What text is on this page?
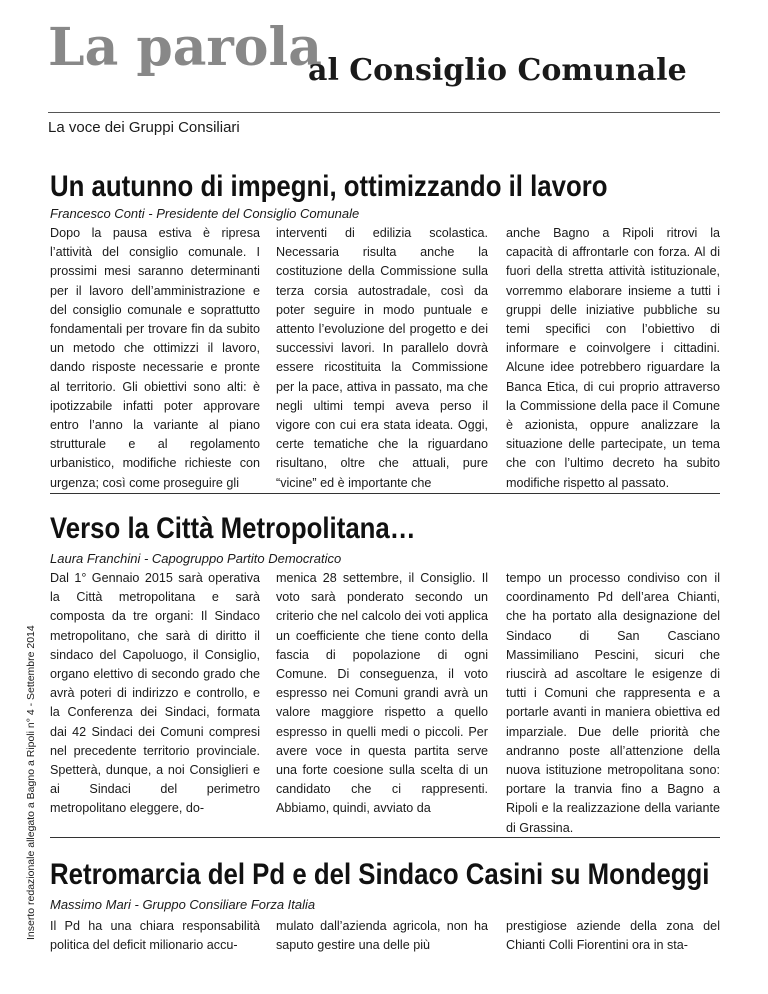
La parola
al Consiglio Comunale
La voce dei Gruppi Consiliari
Inserto redazionale allegato a Bagno a Ripoli n° 4 - Settembre 2014
Un autunno di impegni, ottimizzando il lavoro
Francesco Conti - Presidente del Consiglio Comunale
Dopo la pausa estiva è ripresa l’attività del consiglio comunale. I prossimi mesi saranno determinanti per il lavoro dell’amministrazione e del consiglio comunale e soprattutto fondamentali per trovare fin da subito un metodo che ottimizzi il lavoro, dando risposte necessarie e pronte al territorio. Gli obiettivi sono alti: è ipotizzabile infatti poter approvare entro l’anno la variante al piano strutturale e al regolamento urbanistico, modifiche richieste con urgenza; così come proseguire gli
interventi di edilizia scolastica. Necessaria risulta anche la costituzione della Commissione sulla terza corsia autostradale, così da poter seguire in modo puntuale e attento l’evoluzione del progetto e dei successivi lavori. In parallelo dovrà essere ricostituita la Commissione per la pace, attiva in passato, ma che negli ultimi tempi aveva perso il vigore con cui era stata ideata. Oggi, certe tematiche che la riguardano risultano, oltre che attuali, pure “vicine” ed è importante che
anche Bagno a Ripoli ritrovi la capacità di affrontarle con forza. Al di fuori della stretta attività istituzionale, vorremmo elaborare insieme a tutti i gruppi delle iniziative pubbliche su temi specifici con l’obiettivo di informare e coinvolgere i cittadini. Alcune idee potrebbero riguardare la Banca Etica, di cui proprio attraverso la Commissione della pace il Comune è azionista, oppure analizzare la situazione delle partecipate, un tema che con l’ultimo decreto ha subito modifiche rispetto al passato.
Verso la Città Metropolitana…
Laura Franchini - Capogruppo Partito Democratico
Dal 1° Gennaio 2015 sarà operativa la Città metropolitana e sarà composta da tre organi: Il Sindaco metropolitano, che sarà di diritto il sindaco del Capoluogo, il Consiglio, organo elettivo di secondo grado che avrà poteri di indirizzo e controllo, e la Conferenza dei Sindaci, formata dai 42 Sindaci dei Comuni compresi nel precedente territorio provinciale. Spetterà, dunque, a noi Consiglieri e ai Sindaci del perimetro metropolitano eleggere, do-
menica 28 settembre, il Consiglio. Il voto sarà ponderato secondo un criterio che nel calcolo dei voti applica un coefficiente che tiene conto della fascia di popolazione di ogni Comune. Di conseguenza, il voto espresso nei Comuni grandi avrà un valore maggiore rispetto a quello espresso in quelli medi o piccoli. Per avere voce in questa partita serve una forte coesione sulla scelta di un candidato che ci rappresenti. Abbiamo, quindi, avviato da
tempo un processo condiviso con il coordinamento Pd dell’area Chianti, che ha portato alla designazione del Sindaco di San Casciano Massimiliano Pescini, sicuri che riuscirà ad ascoltare le esigenze di tutti i Comuni che rappresenta e a portarle avanti in maniera obiettiva ed imparziale. Due delle priorità che andranno poste all’attenzione della nuova istituzione metropolitana sono: portare la tranvia fino a Bagno a Ripoli e la realizzazione della variante di Grassina.
Retromarcia del Pd e del Sindaco Casini su Mondeggi
Massimo Mari - Gruppo Consiliare Forza Italia
Il Pd ha una chiara responsabilità politica del deficit milionario accu-
mulato dall’azienda agricola, non ha saputo gestire una delle più
prestigiose aziende della zona del Chianti Colli Fiorentini ora in sta-
